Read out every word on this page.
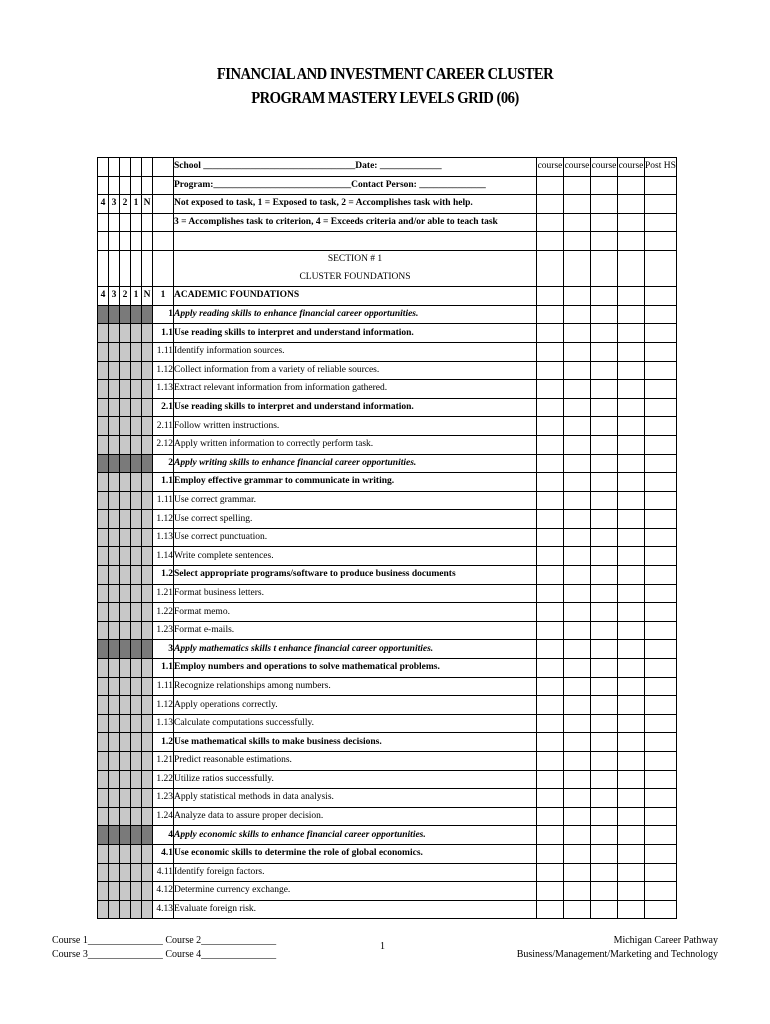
FINANCIAL AND INVESTMENT CAREER CLUSTER
PROGRAM MASTERY LEVELS GRID (06)
						School ________________________________Date: _____________	course	course	course	course	Post HS
						Program:_____________________________Contact Person: ______________					
4	3	2	1	N		Not exposed to task, 1 = Exposed to task, 2 = Accomplishes task with help.					
						3 = Accomplishes task to criterion, 4 = Exceeds criteria and/or able to teach task					

						SECTION # 1					
						CLUSTER FOUNDATIONS					
4	3	2	1	N	1	ACADEMIC FOUNDATIONS					
					1	Apply reading skills to enhance financial career opportunities.					
					1.1	Use reading skills to interpret and understand information.					
					1.11	Identify information sources.					
					1.12	Collect information from a variety of reliable sources.					
					1.13	Extract relevant information from information gathered.					
					2.1	Use reading skills to interpret and understand information.					
					2.11	Follow written instructions.					
					2.12	Apply written information to correctly perform task.					
					2	Apply writing skills to enhance financial career opportunities.					
					1.1	Employ effective grammar to communicate in writing.					
					1.11	Use correct grammar.					
					1.12	Use correct spelling.					
					1.13	Use correct punctuation.					
					1.14	Write complete sentences.					
					1.2	Select appropriate programs/software to produce business documents					
					1.21	Format business letters.					
					1.22	Format memo.					
					1.23	Format e-mails.					
					3	Apply mathematics skills t enhance financial career opportunities.					
					1.1	Employ numbers and operations to solve mathematical problems.					
					1.11	Recognize relationships among numbers.					
					1.12	Apply operations correctly.					
					1.13	Calculate computations successfully.					
					1.2	Use mathematical skills to make business decisions.					
					1.21	Predict reasonable estimations.					
					1.22	Utilize ratios successfully.					
					1.23	Apply statistical methods in data analysis.					
					1.24	Analyze data to assure proper decision.					
					4	Apply economic skills to enhance financial career opportunities.					
					4.1	Use economic skills to determine the role of global economics.					
					4.11	Identify foreign factors.					
					4.12	Determine currency exchange.					
					4.13	Evaluate foreign risk.					
Course 1_______________ Course 2_______________
Course 3_______________ Course 4_______________
1
Michigan Career Pathway
Business/Management/Marketing and Technology
